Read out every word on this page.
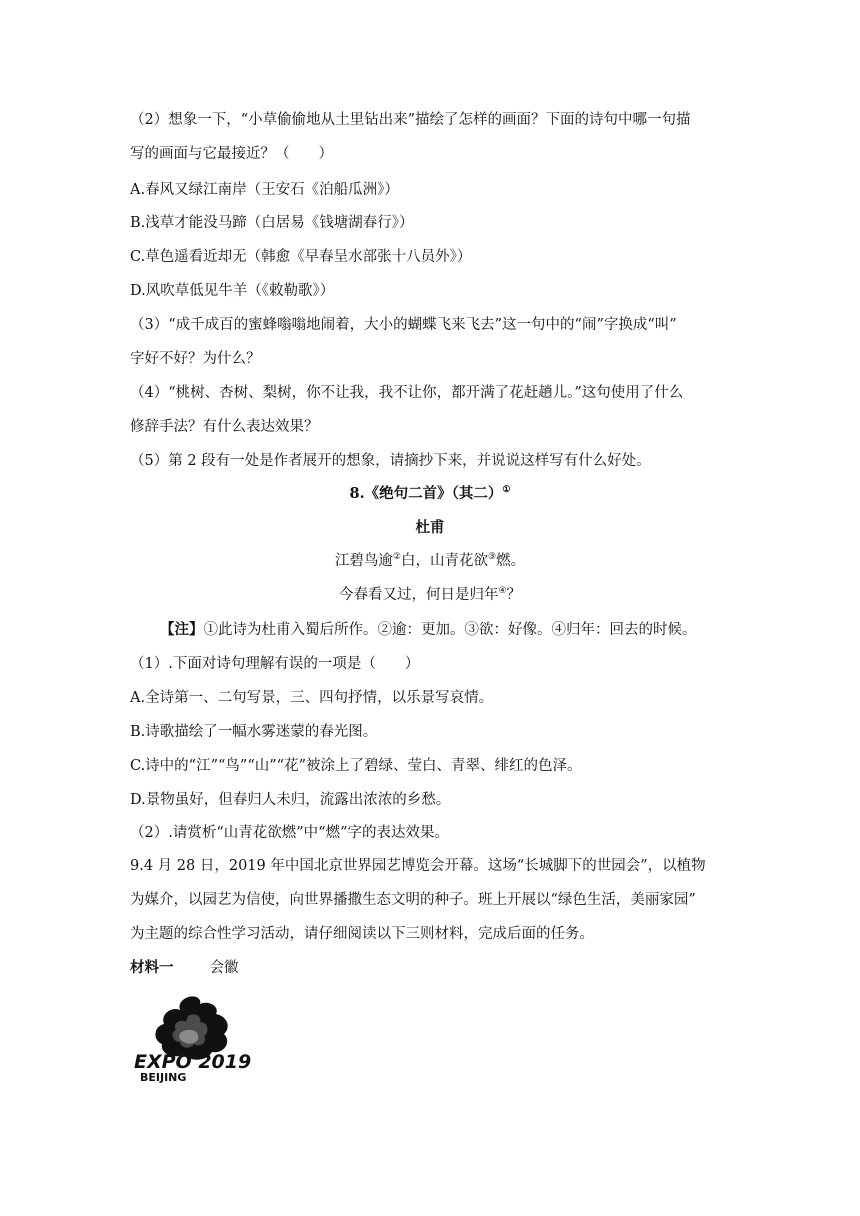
（2）想象一下，“小草偷偷地从土里钻出来”描绘了怎样的画面？下面的诗句中哪一句描
写的画面与它最接近？（　　）
A.春风又绿江南岸（王安石《泊船瓜洲》）
B.浅草才能没马蹄（白居易《钱塘湖春行》）
C.草色遥看近却无（韩愈《早春呈水部张十八员外》）
D.风吹草低见牛羊（《敕勒歌》）
（3）“成千成百的蜜蜂嗡嗡地闹着，大小的蝴蝶飞来飞去”这一句中的“闹”字换成“叫”
字好不好？为什么？
（4）“桃树、杏树、梨树，你不让我，我不让你，都开满了花赶趟儿。”这句使用了什么
修辞手法？有什么表达效果？
（5）第 2 段有一处是作者展开的想象，请摘抄下来，并说说这样写有什么好处。
8.《绝句二首》（其二）①
杜甫
江碧鸟逾②白，山青花欲③燃。
今春看又过，何日是归年④？
【注】①此诗为杜甫入蜀后所作。②逾：更加。③欲：好像。④归年：回去的时候。
（1）.下面对诗句理解有误的一项是（　　）
A.全诗第一、二句写景，三、四句抒情，以乐景写哀情。
B.诗歌描绘了一幅水雾迷蒙的春光图。
C.诗中的“江”“鸟”“山”“花”被涂上了碧绿、莹白、青翠、绯红的色泽。
D.景物虽好，但春归人未归，流露出浓浓的乡愁。
（2）.请赏析“山青花欲燃”中“燃”字的表达效果。
9.4 月 28 日，2019 年中国北京世界园艺博览会开幕。这场“长城脚下的世园会”，以植物
为媒介，以园艺为信使，向世界播撒生态文明的种子。班上开展以“绿色生活，美丽家园”
为主题的综合性学习活动，请仔细阅读以下三则材料，完成后面的任务。
材料一 会徽
EXPO 2019
BEIJING
